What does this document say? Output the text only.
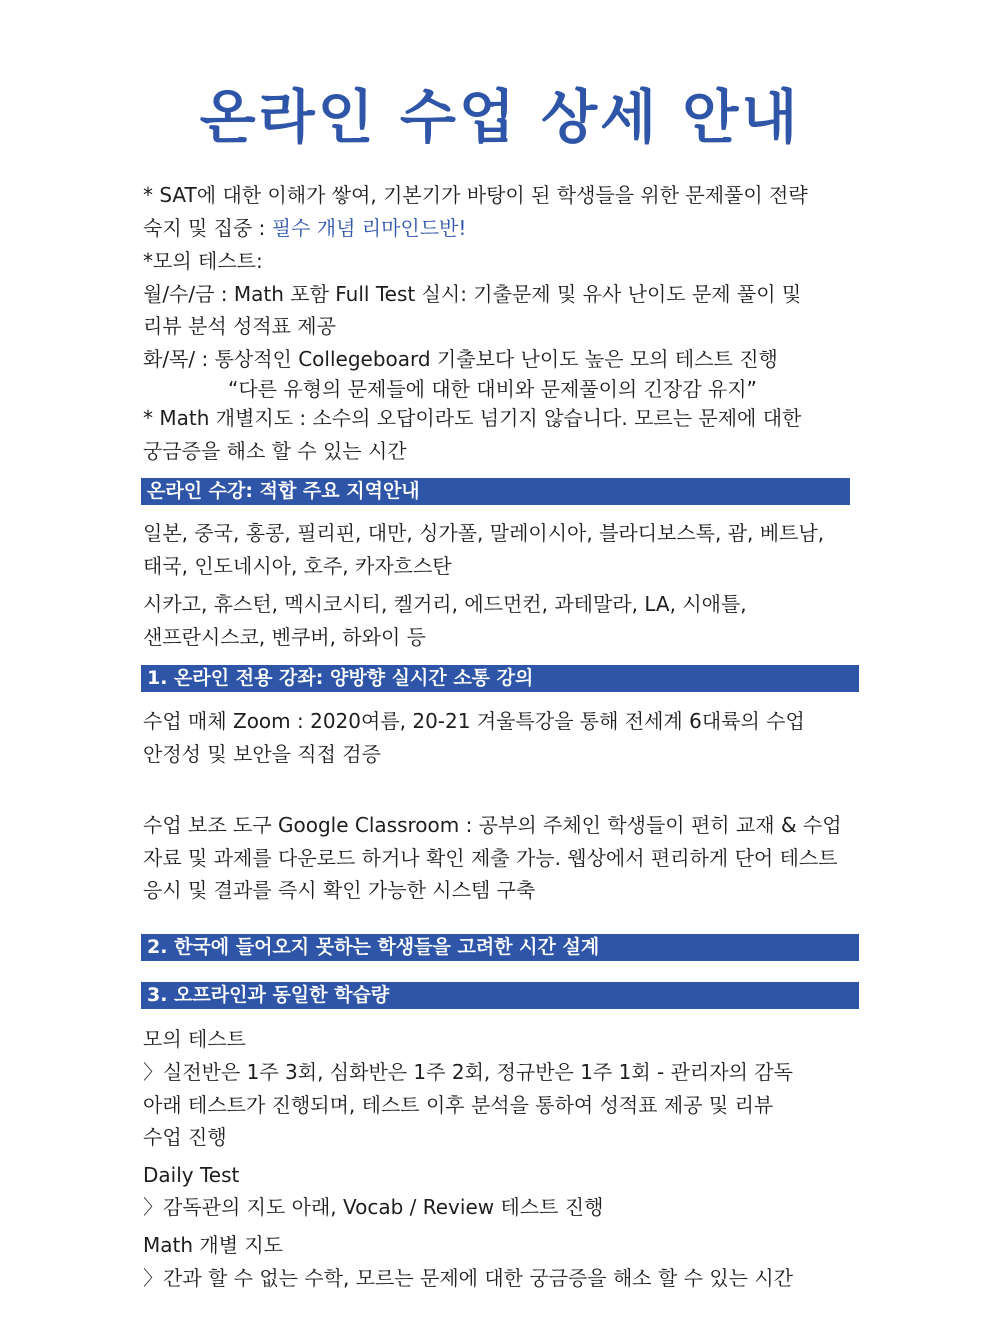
온라인 수업 상세 안내

* SAT에 대한 이해가 쌓여, 기본기가 바탕이 된 학생들을 위한 문제풀이 전략

숙지 및 집중 : 필수 개념 리마인드반!

*모의 테스트:

월/수/금 : Math 포함 Full Test 실시: 기출문제 및 유사 난이도 문제 풀이 및

리뷰 분석 성적표 제공

화/목/ : 통상적인 Collegeboard 기출보다 난이도 높은 모의 테스트 진행

“다른 유형의 문제들에 대한 대비와 문제풀이의 긴장감 유지”

* Math 개별지도 : 소수의 오답이라도 넘기지 않습니다. 모르는 문제에 대한

궁금증을 해소 할 수 있는 시간

온라인 수강: 적합 주요 지역안내

일본, 중국, 홍콩, 필리핀, 대만, 싱가폴, 말레이시아, 블라디보스톡, 괌, 베트남,

태국, 인도네시아, 호주, 카자흐스탄

시카고, 휴스턴, 멕시코시티, 켈거리, 에드먼컨, 과테말라, LA, 시애틀,

샌프란시스코, 벤쿠버, 하와이 등

1. 온라인 전용 강좌: 양방향 실시간 소통 강의

수업 매체 Zoom : 2020여름, 20-21 겨울특강을 통해 전세계 6대륙의 수업

안정성 및 보안을 직접 검증

수업 보조 도구 Google Classroom : 공부의 주체인 학생들이 편히 교재 & 수업

자료 및 과제를 다운로드 하거나 확인 제출 가능. 웹상에서 편리하게 단어 테스트

응시 및 결과를 즉시 확인 가능한 시스템 구축

2. 한국에 들어오지 못하는 학생들을 고려한 시간 설계
3. 오프라인과 동일한 학습량

모의 테스트

〉실전반은 1주 3회, 심화반은 1주 2회, 정규반은 1주 1회 - 관리자의 감독

아래 테스트가 진행되며, 테스트 이후 분석을 통하여 성적표 제공 및 리뷰

수업 진행

Daily Test

〉감독관의 지도 아래, Vocab / Review 테스트 진행

Math 개별 지도

〉간과 할 수 없는 수학, 모르는 문제에 대한 궁금증을 해소 할 수 있는 시간
